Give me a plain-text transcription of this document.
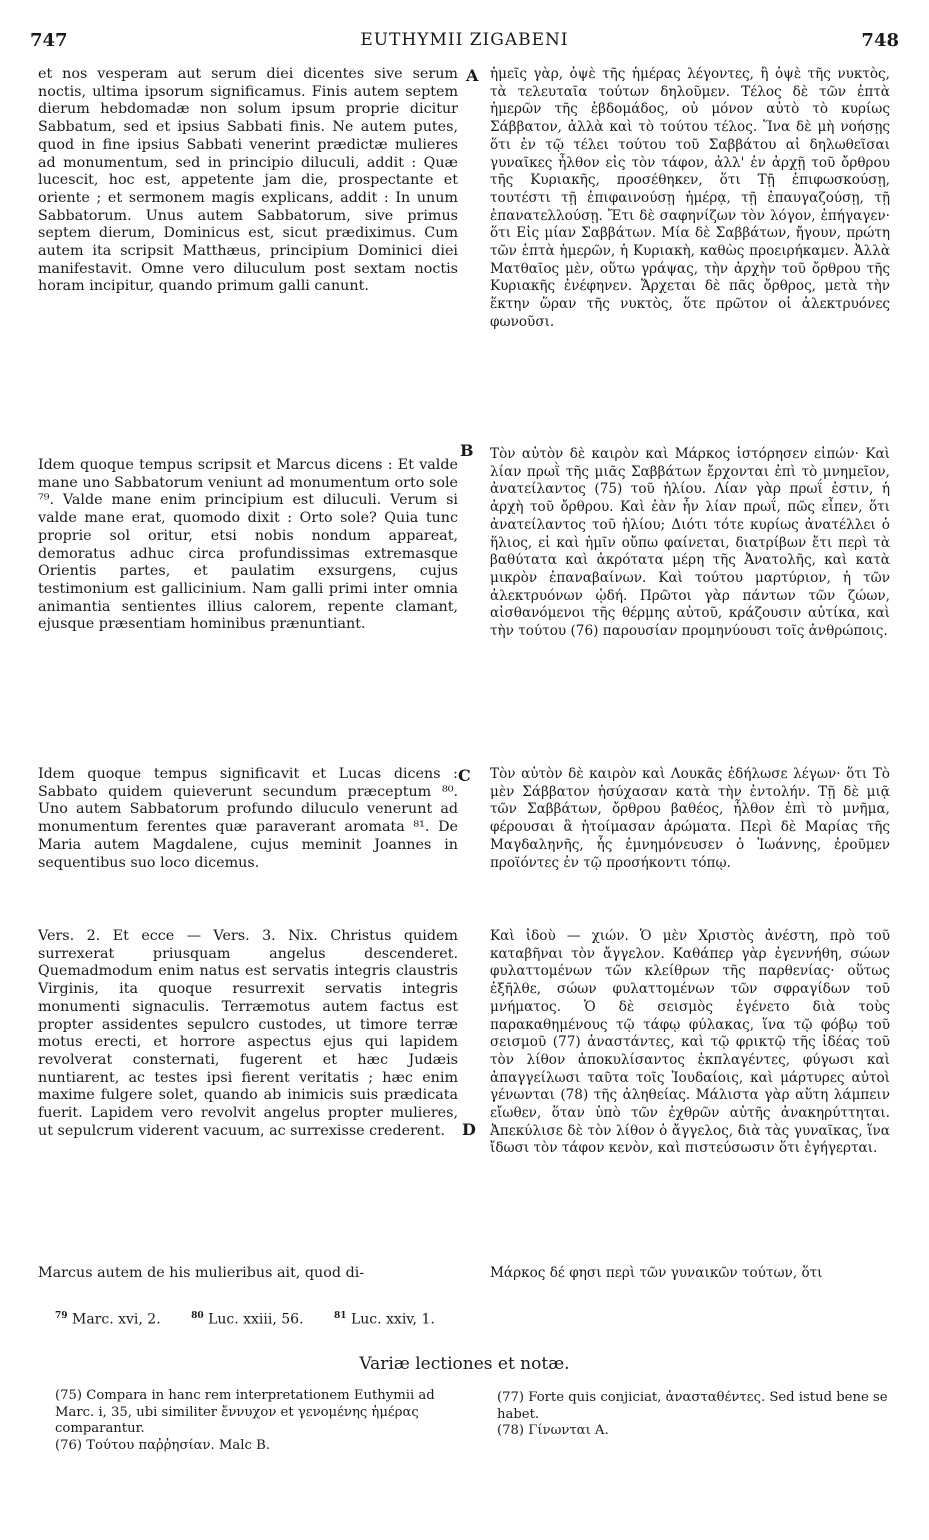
747	EUTHYMII ZIGABENI	748

et nos vesperam aut serum diei dicentes sive serum noctis, ultima ipsorum significamus. Finis autem septem dierum hebdomadæ non solum ipsum proprie dicitur Sabbatum, sed et ipsius Sabbati finis. Ne autem putes, quod in fine ipsius Sabbati venerint prædictæ mulieres ad monumentum, sed in principio diluculi, addit : Quæ lucescit, hoc est, appetente jam die, prospectante et oriente ; et sermonem magis explicans, addit : In unum Sabbatorum. Unus autem Sabbatorum, sive primus septem dierum, Dominicus est, sicut prædiximus. Cum autem ita scripsit Matthæus, principium Dominici diei manifestavit. Omne vero diluculum post sextam noctis horam incipitur, quando primum galli canunt.

Idem quoque tempus scripsit et Marcus dicens : Et valde mane uno Sabbatorum veniunt ad monumentum orto sole ⁷⁹. Valde mane enim principium est diluculi. Verum si valde mane erat, quomodo dixit : Orto sole? Quia tunc proprie sol oritur, etsi nobis nondum appareat, demoratus adhuc circa profundissimas extremasque Orientis partes, et paulatim exsurgens, cujus testimonium est gallicinium. Nam galli primi inter omnia animantia sentientes illius calorem, repente clamant, ejusque præsentiam hominibus prænuntiant.

Idem quoque tempus significavit et Lucas dicens : Sabbato quidem quieverunt secundum præceptum ⁸⁰. Uno autem Sabbatorum profundo diluculo venerunt ad monumentum ferentes quæ paraverant aromata ⁸¹. De Maria autem Magdalene, cujus meminit Joannes in sequentibus suo loco dicemus.

Vers. 2. Et ecce — Vers. 3. Nix. Christus quidem surrexerat priusquam angelus descenderet. Quemadmodum enim natus est servatis integris claustris Virginis, ita quoque resurrexit servatis integris monumenti signaculis. Terræmotus autem factus est propter assidentes sepulcro custodes, ut timore terræ motus erecti, et horrore aspectus ejus qui lapidem revolverat consternati, fugerent et hæc Judæis nuntiarent, ac testes ipsi fierent veritatis ; hæc enim maxime fulgere solet, quando ab inimicis suis prædicata fuerit. Lapidem vero revolvit angelus propter mulieres, ut sepulcrum viderent vacuum, ac surrexisse crederent.

Marcus autem de his mulieribus ait, quod di-

ἡμεῖς γὰρ, ὀψὲ τῆς ἡμέρας λέγοντες, ἢ ὀψὲ τῆς νυκτὸς, τὰ τελευταῖα τούτων δηλοῦμεν. Τέλος δὲ τῶν ἑπτὰ ἡμερῶν τῆς ἑβδομάδος, οὐ μόνον αὐτὸ τὸ κυρίως Σάββατον, ἀλλὰ καὶ τὸ τούτου τέλος. Ἵνα δὲ μὴ νοήσῃς ὅτι ἐν τῷ τέλει τούτου τοῦ Σαββάτου αἱ δηλωθεῖσαι γυναῖκες ἦλθον εἰς τὸν τάφον, ἀλλ' ἐν ἀρχῇ τοῦ ὄρθρου τῆς Κυριακῆς, προσέθηκεν, ὅτι Τῇ ἐπιφωσκούσῃ, τουτέστι τῇ ἐπιφαινούσῃ ἡμέρᾳ, τῇ ἐπαυγαζούσῃ, τῇ ἐπανατελλούσῃ. Ἔτι δὲ σαφηνίζων τὸν λόγον, ἐπήγαγεν· ὅτι Εἰς μίαν Σαββάτων. Μία δὲ Σαββάτων, ἤγουν, πρώτη τῶν ἑπτὰ ἡμερῶν, ἡ Κυριακὴ, καθὼς προειρήκαμεν. Ἀλλὰ Ματθαῖος μὲν, οὕτω γράψας, τὴν ἀρχὴν τοῦ ὄρθρου τῆς Κυριακῆς ἐνέφηνεν. Ἄρχεται δὲ πᾶς ὄρθρος, μετὰ τὴν ἕκτην ὥραν τῆς νυκτὸς, ὅτε πρῶτον οἱ ἀλεκτρυόνες φωνοῦσι.

Τὸν αὐτὸν δὲ καιρὸν καὶ Μάρκος ἱστόρησεν εἰπών· Καὶ λίαν πρωῒ τῆς μιᾶς Σαββάτων ἔρχονται ἐπὶ τὸ μνημεῖον, ἀνατείλαντος (75) τοῦ ἡλίου. Λίαν γὰρ πρωΐ ἐστιν, ἡ ἀρχὴ τοῦ ὄρθρου. Καὶ ἐὰν ἦν λίαν πρωΐ, πῶς εἶπεν, ὅτι ἀνατείλαντος τοῦ ἡλίου; Διότι τότε κυρίως ἀνατέλλει ὁ ἥλιος, εἰ καὶ ἡμῖν οὔπω φαίνεται, διατρίβων ἔτι περὶ τὰ βαθύτατα καὶ ἀκρότατα μέρη τῆς Ἀνατολῆς, καὶ κατὰ μικρὸν ἐπαναβαίνων. Καὶ τούτου μαρτύριον, ἡ τῶν ἀλεκτρυόνων ᾠδή. Πρῶτοι γὰρ πάντων τῶν ζώων, αἰσθανόμενοι τῆς θέρμης αὐτοῦ, κράζουσιν αὐτίκα, καὶ τὴν τούτου (76) παρουσίαν προμηνύουσι τοῖς ἀνθρώποις.

Τὸν αὐτὸν δὲ καιρὸν καὶ Λουκᾶς ἐδήλωσε λέγων· ὅτι Τὸ μὲν Σάββατον ἡσύχασαν κατὰ τὴν ἐντολήν. Τῇ δὲ μιᾷ τῶν Σαββάτων, ὄρθρου βαθέος, ἦλθον ἐπὶ τὸ μνῆμα, φέρουσαι ἃ ἡτοίμασαν ἀρώματα. Περὶ δὲ Μαρίας τῆς Μαγδαληνῆς, ἧς ἐμνημόνευσεν ὁ Ἰωάννης, ἐροῦμεν προϊόντες ἐν τῷ προσήκοντι τόπῳ.

Καὶ ἰδοὺ — χιών. Ὁ μὲν Χριστὸς ἀνέστη, πρὸ τοῦ καταβῆναι τὸν ἄγγελον. Καθάπερ γὰρ ἐγεννήθη, σώων φυλαττομένων τῶν κλείθρων τῆς παρθενίας· οὕτως ἐξῆλθε, σώων φυλαττομένων τῶν σφραγίδων τοῦ μνήματος. Ὁ δὲ σεισμὸς ἐγένετο διὰ τοὺς παρακαθημένους τῷ τάφῳ φύλακας, ἵνα τῷ φόβῳ τοῦ σεισμοῦ (77) ἀναστάντες, καὶ τῷ φρικτῷ τῆς ἰδέας τοῦ τὸν λίθον ἀποκυλίσαντος ἐκπλαγέντες, φύγωσι καὶ ἀπαγγείλωσι ταῦτα τοῖς Ἰουδαίοις, καὶ μάρτυρες αὐτοὶ γένωνται (78) τῆς ἀληθείας. Μάλιστα γὰρ αὕτη λάμπειν εἴωθεν, ὅταν ὑπὸ τῶν ἐχθρῶν αὐτῆς ἀνακηρύττηται. Ἀπεκύλισε δὲ τὸν λίθον ὁ ἄγγελος, διὰ τὰς γυναῖκας, ἵνα ἴδωσι τὸν τάφον κενὸν, καὶ πιστεύσωσιν ὅτι ἐγήγερται.

Μάρκος δέ φησι περὶ τῶν γυναικῶν τούτων, ὅτι

A
B
C
D
$^{79}$ Marc. xvi, 2.	$^{80}$ Luc. xxiii, 56.	$^{81}$ Luc. xxiv, 1.
Variæ lectiones et notæ.

(75) Compara in hanc rem interpretationem Euthymii ad Marc. i, 35, ubi similiter ἔννυχον et γενομένης ἡμέρας comparantur.

(76) Τούτου παῤῥησίαν. Malc B.

(77) Forte quis conjiciat, ἀνασταθέντες. Sed istud bene se habet.

(78) Γίνωνται A.
